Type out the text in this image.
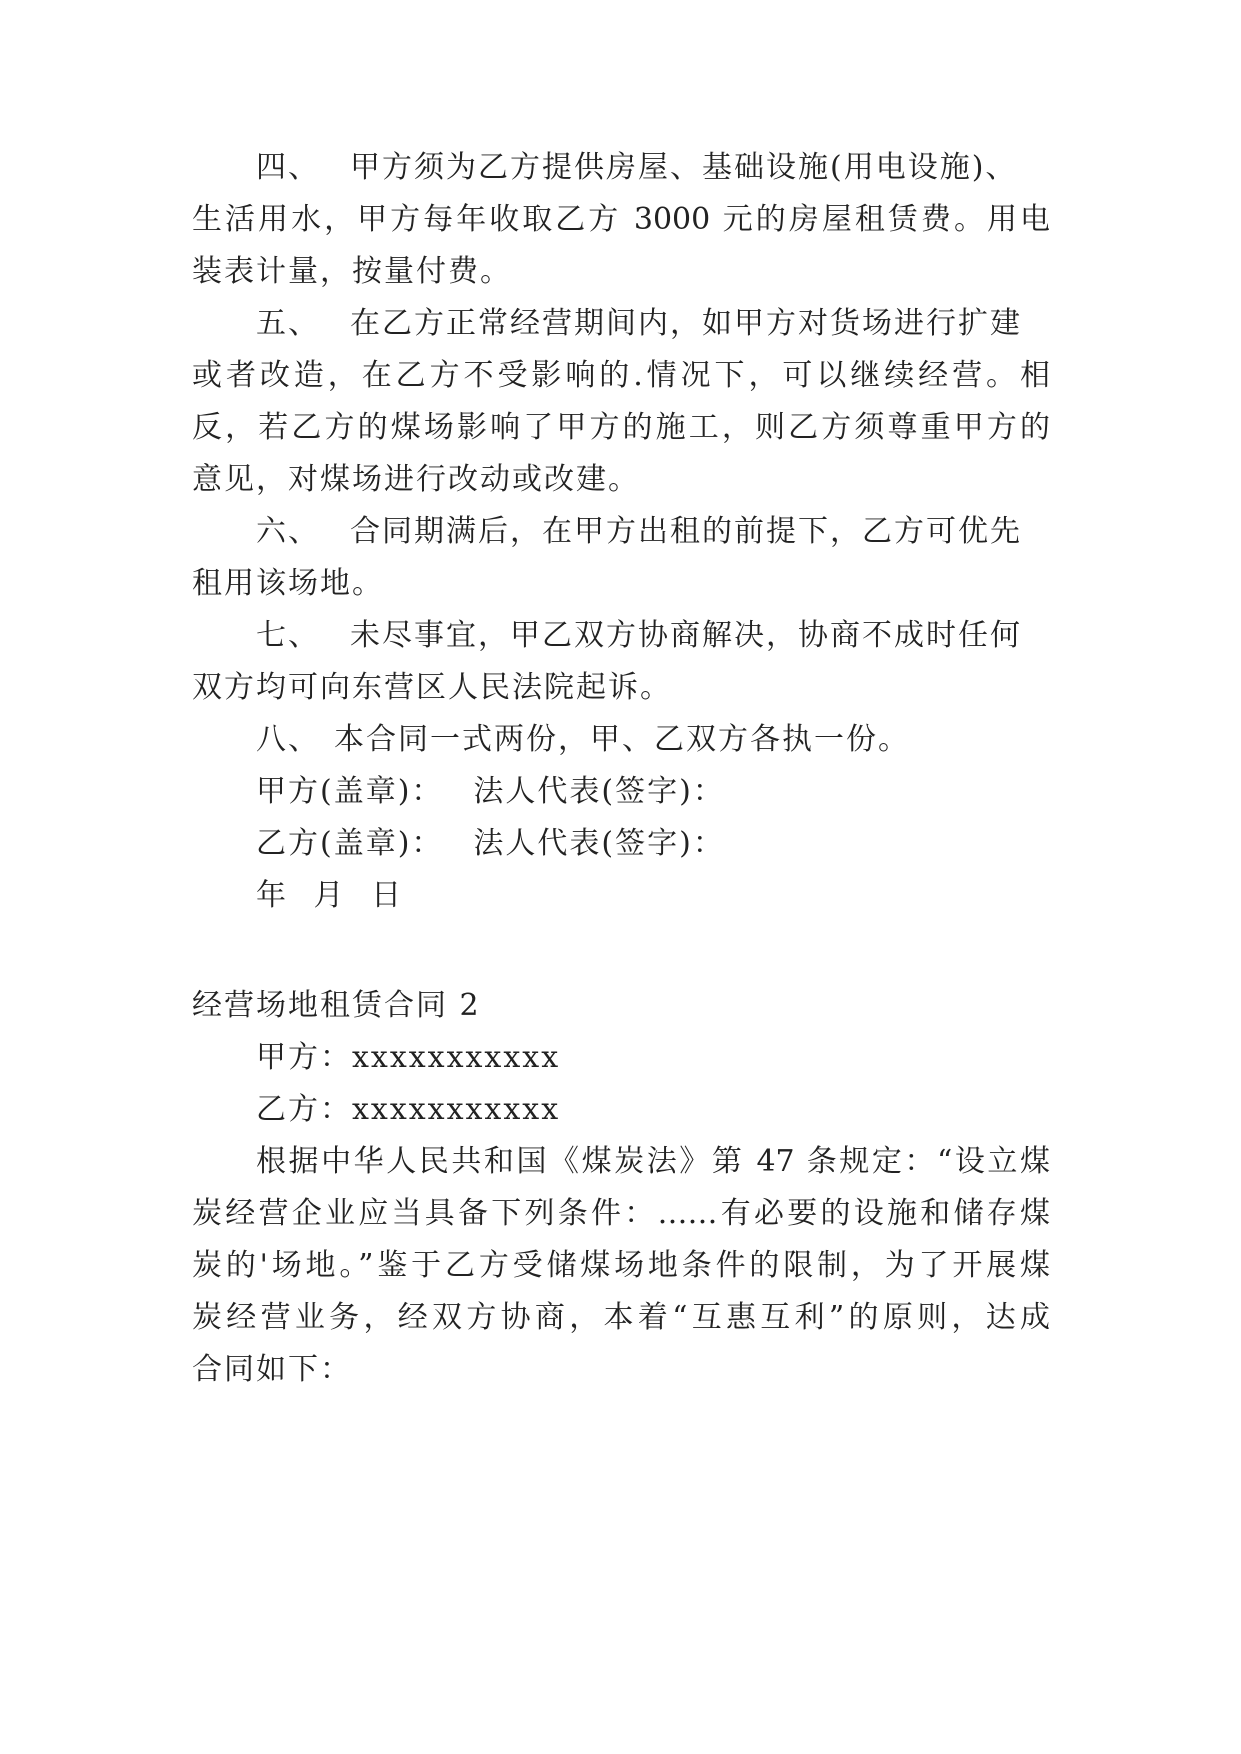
四、 甲方须为乙方提供房屋、基础设施(用电设施)、

生活用水，甲方每年收取乙方 3000 元的房屋租赁费。用电

装表计量，按量付费。

五、 在乙方正常经营期间内，如甲方对货场进行扩建

或者改造，在乙方不受影响的.情况下，可以继续经营。相

反，若乙方的煤场影响了甲方的施工，则乙方须尊重甲方的

意见，对煤场进行改动或改建。

六、 合同期满后，在甲方出租的前提下，乙方可优先

租用该场地。

七、 未尽事宜，甲乙双方协商解决，协商不成时任何

双方均可向东营区人民法院起诉。

八、 本合同一式两份，甲、乙双方各执一份。

甲方(盖章)： 法人代表(签字)：

乙方(盖章)： 法人代表(签字)：

年 月 日

经营场地租赁合同 2

甲方：xxxxxxxxxxx

乙方：xxxxxxxxxxx

根据中华人民共和国《煤炭法》第 47 条规定：“设立煤

炭经营企业应当具备下列条件：……有必要的设施和储存煤

炭的'场地。”鉴于乙方受储煤场地条件的限制，为了开展煤

炭经营业务，经双方协商，本着“互惠互利”的原则，达成

合同如下：
